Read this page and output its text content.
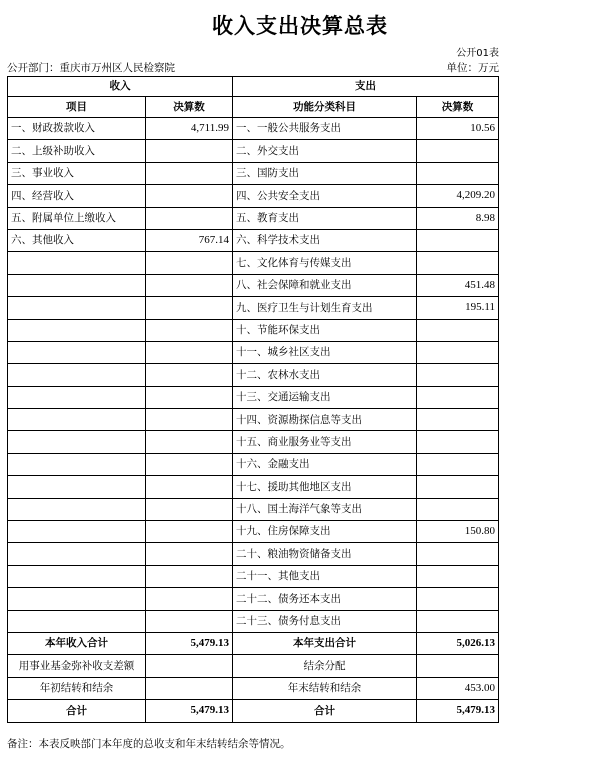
收入支出决算总表
公开01表
公开部门：重庆市万州区人民检察院	单位：万元
收入		支出	
项目	决算数	功能分类科目	决算数
一、财政拨款收入	4,711.99	一、一般公共服务支出	10.56
二、上级补助收入		二、外交支出	
三、事业收入		三、国防支出	
四、经营收入		四、公共安全支出	4,209.20
五、附属单位上缴收入		五、教育支出	8.98
六、其他收入	767.14	六、科学技术支出	
		七、文化体育与传媒支出	
		八、社会保障和就业支出	451.48
		九、医疗卫生与计划生育支出	195.11
		十、节能环保支出	
		十一、城乡社区支出	
		十二、农林水支出	
		十三、交通运输支出	
		十四、资源勘探信息等支出	
		十五、商业服务业等支出	
		十六、金融支出	
		十七、援助其他地区支出	
		十八、国土海洋气象等支出	
		十九、住房保障支出	150.80
		二十、粮油物资储备支出	
		二十一、其他支出	
		二十二、债务还本支出	
		二十三、债务付息支出	
本年收入合计	5,479.13	本年支出合计	5,026.13
用事业基金弥补收支差额		结余分配	
年初结转和结余		年末结转和结余	453.00
合计	5,479.13	合计	5,479.13
备注：本表反映部门本年度的总收支和年末结转结余等情况。
